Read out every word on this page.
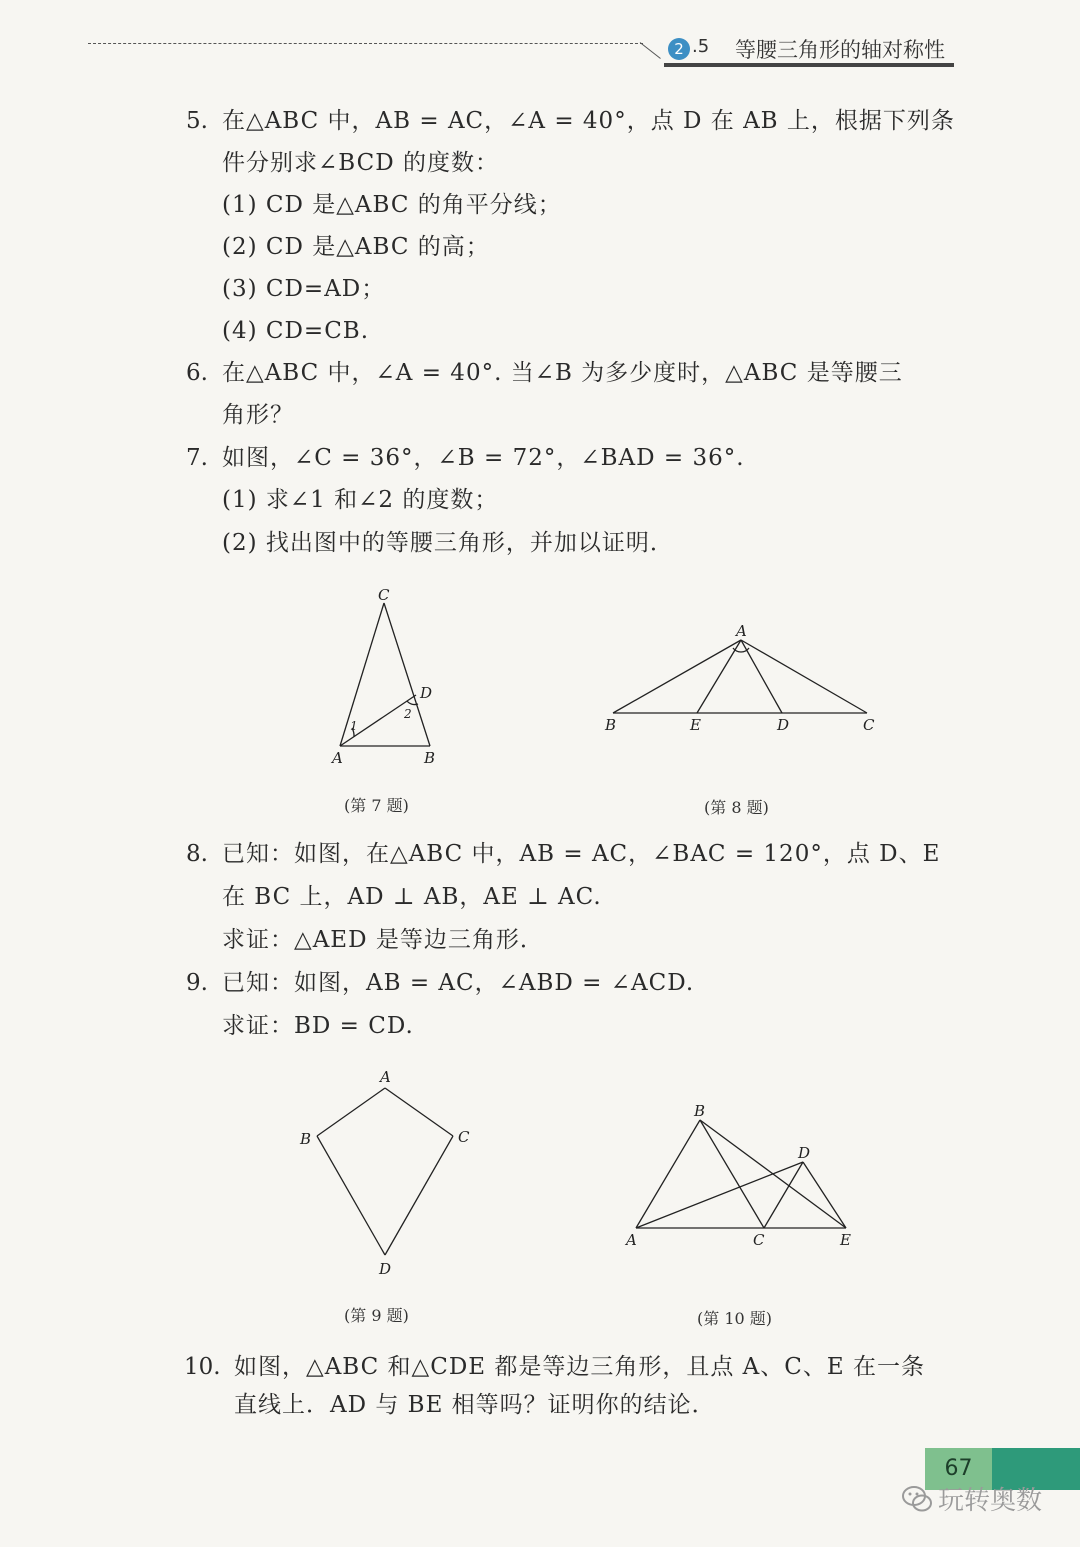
2 .5 等腰三角形的轴对称性
5. 在△ABC 中，AB = AC，∠A = 40°，点 D 在 AB 上，根据下列条
件分别求∠BCD 的度数：
(1) CD 是△ABC 的角平分线；
(2) CD 是△ABC 的高；
(3) CD=AD；
(4) CD=CB.
6. 在△ABC 中，∠A = 40°. 当∠B 为多少度时，△ABC 是等腰三
角形？
7. 如图，∠C = 36°，∠B = 72°，∠BAD = 36°.
(1) 求∠1 和∠2 的度数；
(2) 找出图中的等腰三角形，并加以证明．
C
D
A	B
1
2
(第 7 题)
A
B	E	D	C
(第 8 题)
8. 已知：如图，在△ABC 中，AB = AC，∠BAC = 120°，点 D、E
在 BC 上，AD ⊥ AB，AE ⊥ AC.
求证：△AED 是等边三角形．
9. 已知：如图，AB = AC，∠ABD = ∠ACD.
求证：BD = CD.
A
B	C
D
(第 9 题)
B
D
A	C	E
(第 10 题)
10. 如图，△ABC 和△CDE 都是等边三角形，且点 A、C、E 在一条
直线上．AD 与 BE 相等吗？证明你的结论．
67
玩转奥数
